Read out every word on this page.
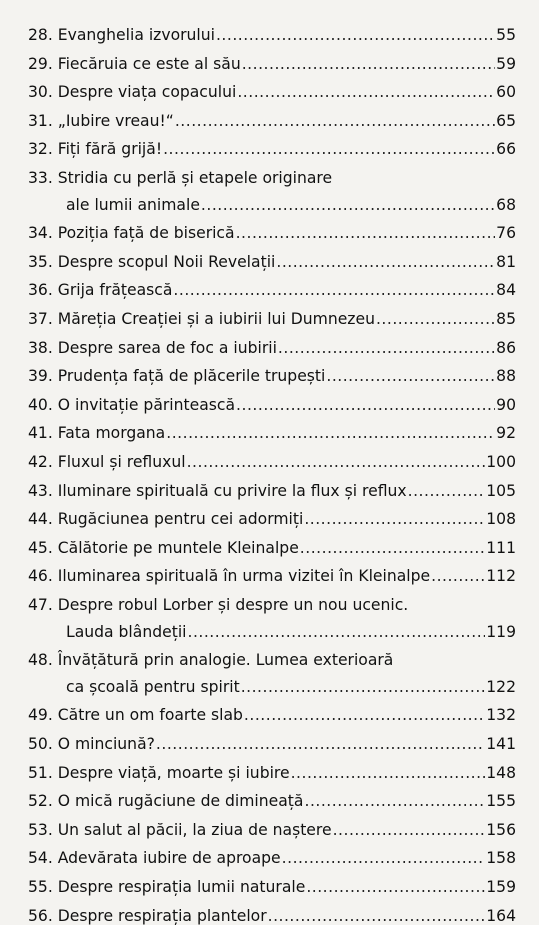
28. Evanghelia izvorului .....	55
29. Fiecăruia ce este al său .....	59
30. Despre viața copacului .....	60
31. „Iubire vreau!“ .....	65
32. Fiți fără grijă! .....	66
33. Stridia cu perlă și etapele originare
ale lumii animale .....	68
34. Poziția față de biserică .....	76
35. Despre scopul Noii Revelații .....	81
36. Grija frățească .....	84
37. Măreția Creației și a iubirii lui Dumnezeu .....	85
38. Despre sarea de foc a iubirii .....	86
39. Prudența față de plăcerile trupești .....	88
40. O invitație părintească .....	90
41. Fata morgana .....	92
42. Fluxul și refluxul .....	100
43. Iluminare spirituală cu privire la flux și reflux .....	105
44. Rugăciunea pentru cei adormiți .....	108
45. Călătorie pe muntele Kleinalpe .....	111
46. Iluminarea spirituală în urma vizitei în Kleinalpe .....	112
47. Despre robul Lorber și despre un nou ucenic.
Lauda blândeții .....	119
48. Învățătură prin analogie. Lumea exterioară
ca școală pentru spirit .....	122
49. Către un om foarte slab .....	132
50. O minciună? .....	141
51. Despre viață, moarte și iubire .....	148
52. O mică rugăciune de dimineață .....	155
53. Un salut al păcii, la ziua de naștere .....	156
54. Adevărata iubire de aproape .....	158
55. Despre respirația lumii naturale .....	159
56. Despre respirația plantelor .....	164
